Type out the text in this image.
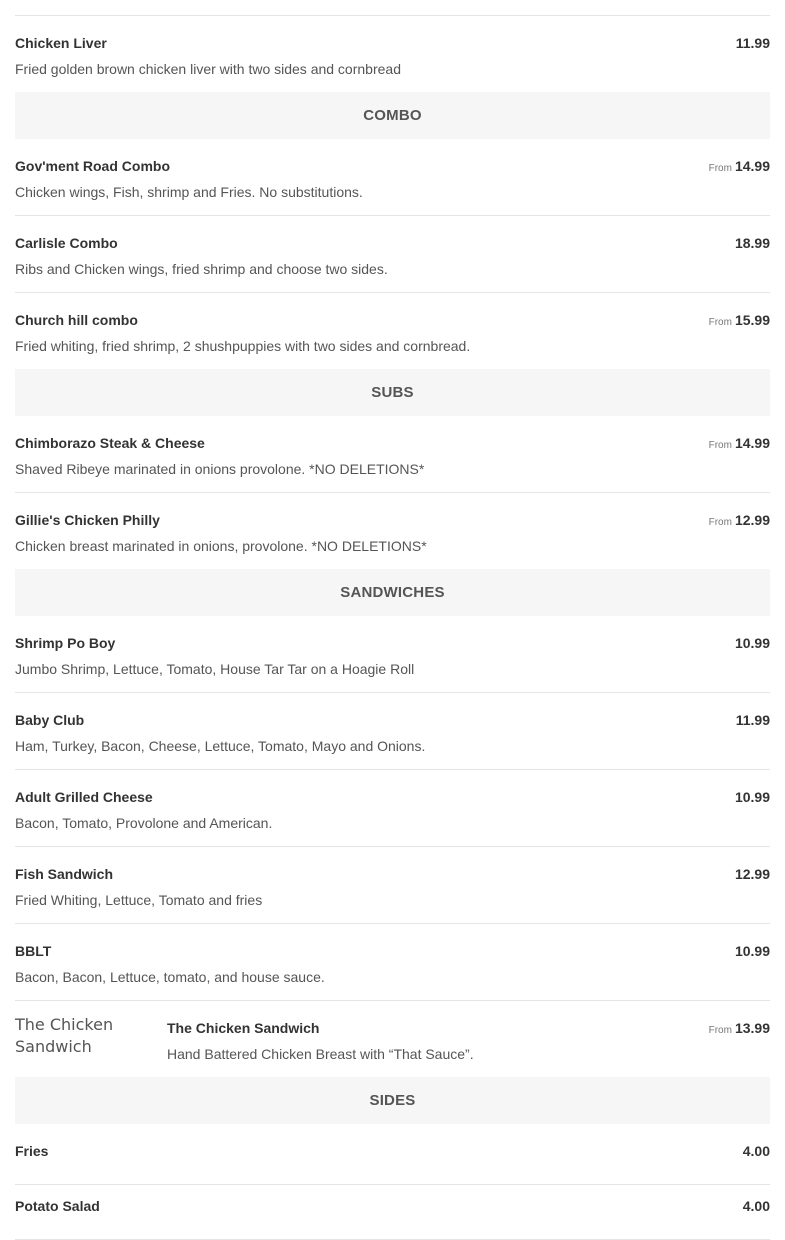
Chicken Liver	11.99
Fried golden brown chicken liver with two sides and cornbread
COMBO
Gov'ment Road Combo	From 14.99
Chicken wings, Fish, shrimp and Fries. No substitutions.
Carlisle Combo	18.99
Ribs and Chicken wings, fried shrimp and choose two sides.
Church hill combo	From 15.99
Fried whiting, fried shrimp, 2 shushpuppies with two sides and cornbread.
SUBS
Chimborazo Steak & Cheese	From 14.99
Shaved Ribeye marinated in onions provolone. *NO DELETIONS*
Gillie's Chicken Philly	From 12.99
Chicken breast marinated in onions, provolone. *NO DELETIONS*
SANDWICHES
Shrimp Po Boy	10.99
Jumbo Shrimp, Lettuce, Tomato, House Tar Tar on a Hoagie Roll
Baby Club	11.99
Ham, Turkey, Bacon, Cheese, Lettuce, Tomato, Mayo and Onions.
Adult Grilled Cheese	10.99
Bacon, Tomato, Provolone and American.
Fish Sandwich	12.99
Fried Whiting, Lettuce, Tomato and fries
BBLT	10.99
Bacon, Bacon, Lettuce, tomato, and house sauce.
The Chicken Sandwich
The Chicken Sandwich	From 13.99
Hand Battered Chicken Breast with “That Sauce”.
SIDES
Fries	4.00
Potato Salad	4.00
